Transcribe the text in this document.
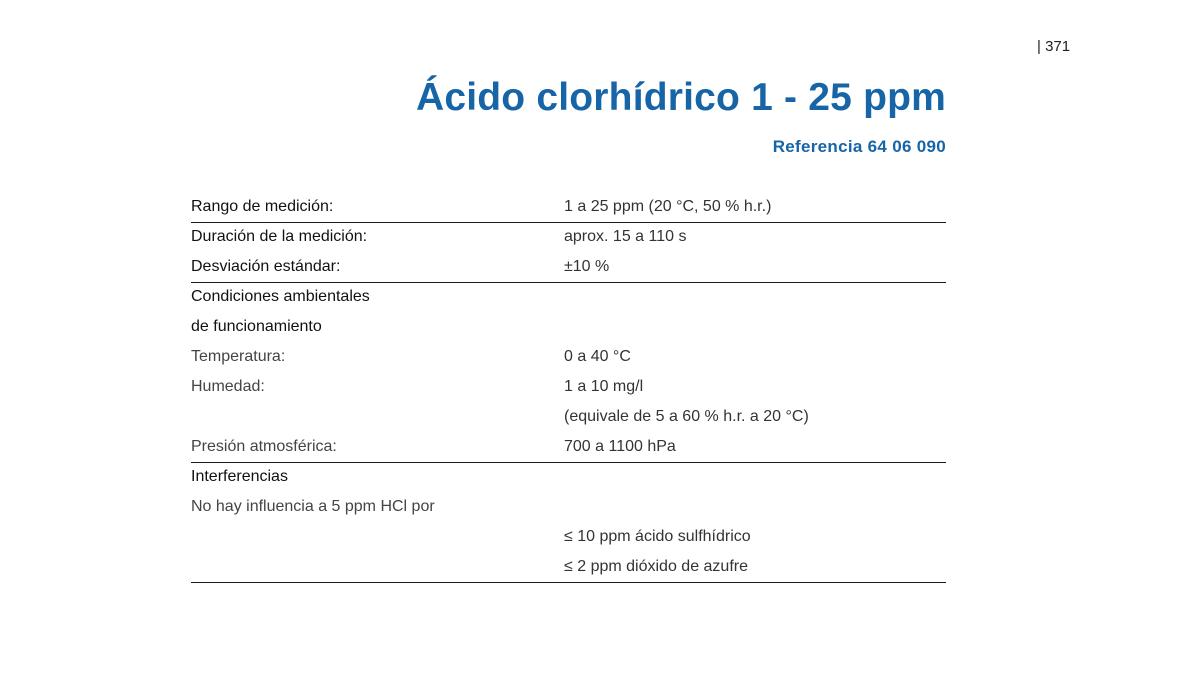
| 371
Ácido clorhídrico 1 - 25 ppm
Referencia 64 06 090
Rango de medición:	1 a 25 ppm (20 °C, 50 % h.r.)
Duración de la medición:	aprox. 15 a 110 s
Desviación estándar:	±10 %
Condiciones ambientales
de funcionamiento
Temperatura:	0 a 40 °C
Humedad:	1 a 10 mg/l
(equivale de 5 a 60 % h.r. a 20 °C)
Presión atmosférica:	700 a 1100 hPa
Interferencias
No hay influencia a 5 ppm HCl por
≤ 10 ppm ácido sulfhídrico
≤ 2 ppm dióxido de azufre
